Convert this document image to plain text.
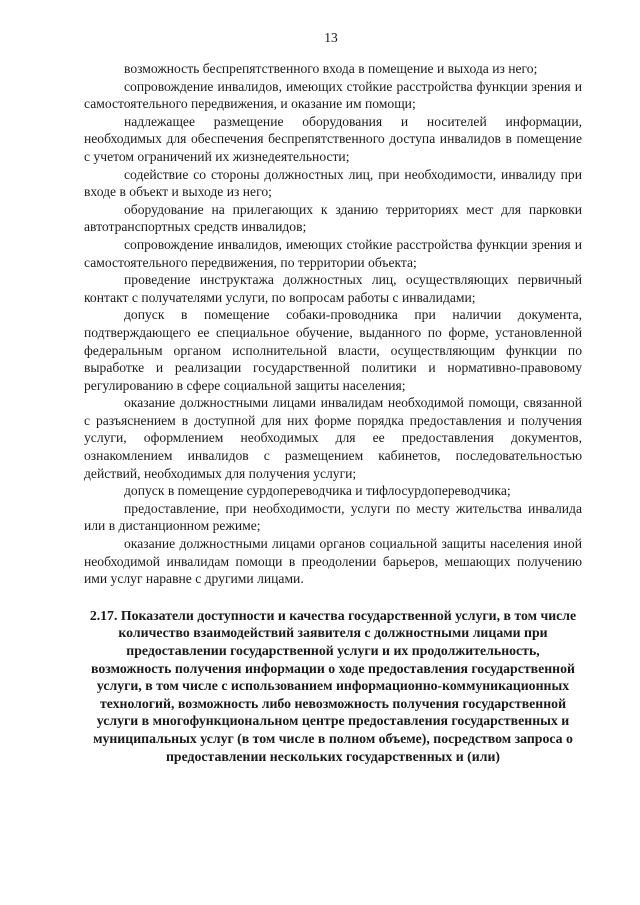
13

возможность беспрепятственного входа в помещение и выхода из него;

сопровождение инвалидов, имеющих стойкие расстройства функции зрения и самостоятельного передвижения, и оказание им помощи;

надлежащее размещение оборудования и носителей информации, необходимых для обеспечения беспрепятственного доступа инвалидов в помещение с учетом ограничений их жизнедеятельности;

содействие со стороны должностных лиц, при необходимости, инвалиду при входе в объект и выходе из него;

оборудование на прилегающих к зданию территориях мест для парковки автотранспортных средств инвалидов;

сопровождение инвалидов, имеющих стойкие расстройства функции зрения и самостоятельного передвижения, по территории объекта;

проведение инструктажа должностных лиц, осуществляющих первичный контакт с получателями услуги, по вопросам работы с инвалидами;

допуск в помещение собаки-проводника при наличии документа, подтверждающего ее специальное обучение, выданного по форме, установленной федеральным органом исполнительной власти, осуществляющим функции по выработке и реализации государственной политики и нормативно-правовому регулированию в сфере социальной защиты населения;

оказание должностными лицами инвалидам необходимой помощи, связанной с разъяснением в доступной для них форме порядка предоставления и получения услуги, оформлением необходимых для ее предоставления документов, ознакомлением инвалидов с размещением кабинетов, последовательностью действий, необходимых для получения услуги;

допуск в помещение сурдопереводчика и тифлосурдопереводчика;

предоставление, при необходимости, услуги по месту жительства инвалида или в дистанционном режиме;

оказание должностными лицами органов социальной защиты населения иной необходимой инвалидам помощи в преодолении барьеров, мешающих получению ими услуг наравне с другими лицами.

2.17. Показатели доступности и качества государственной услуги, в том числе количество взаимодействий заявителя с должностными лицами при предоставлении государственной услуги и их продолжительность, возможность получения информации о ходе предоставления государственной услуги, в том числе с использованием информационно-коммуникационных технологий, возможность либо невозможность получения государственной услуги в многофункциональном центре предоставления государственных и муниципальных услуг (в том числе в полном объеме), посредством запроса о предоставлении нескольких государственных и (или)
